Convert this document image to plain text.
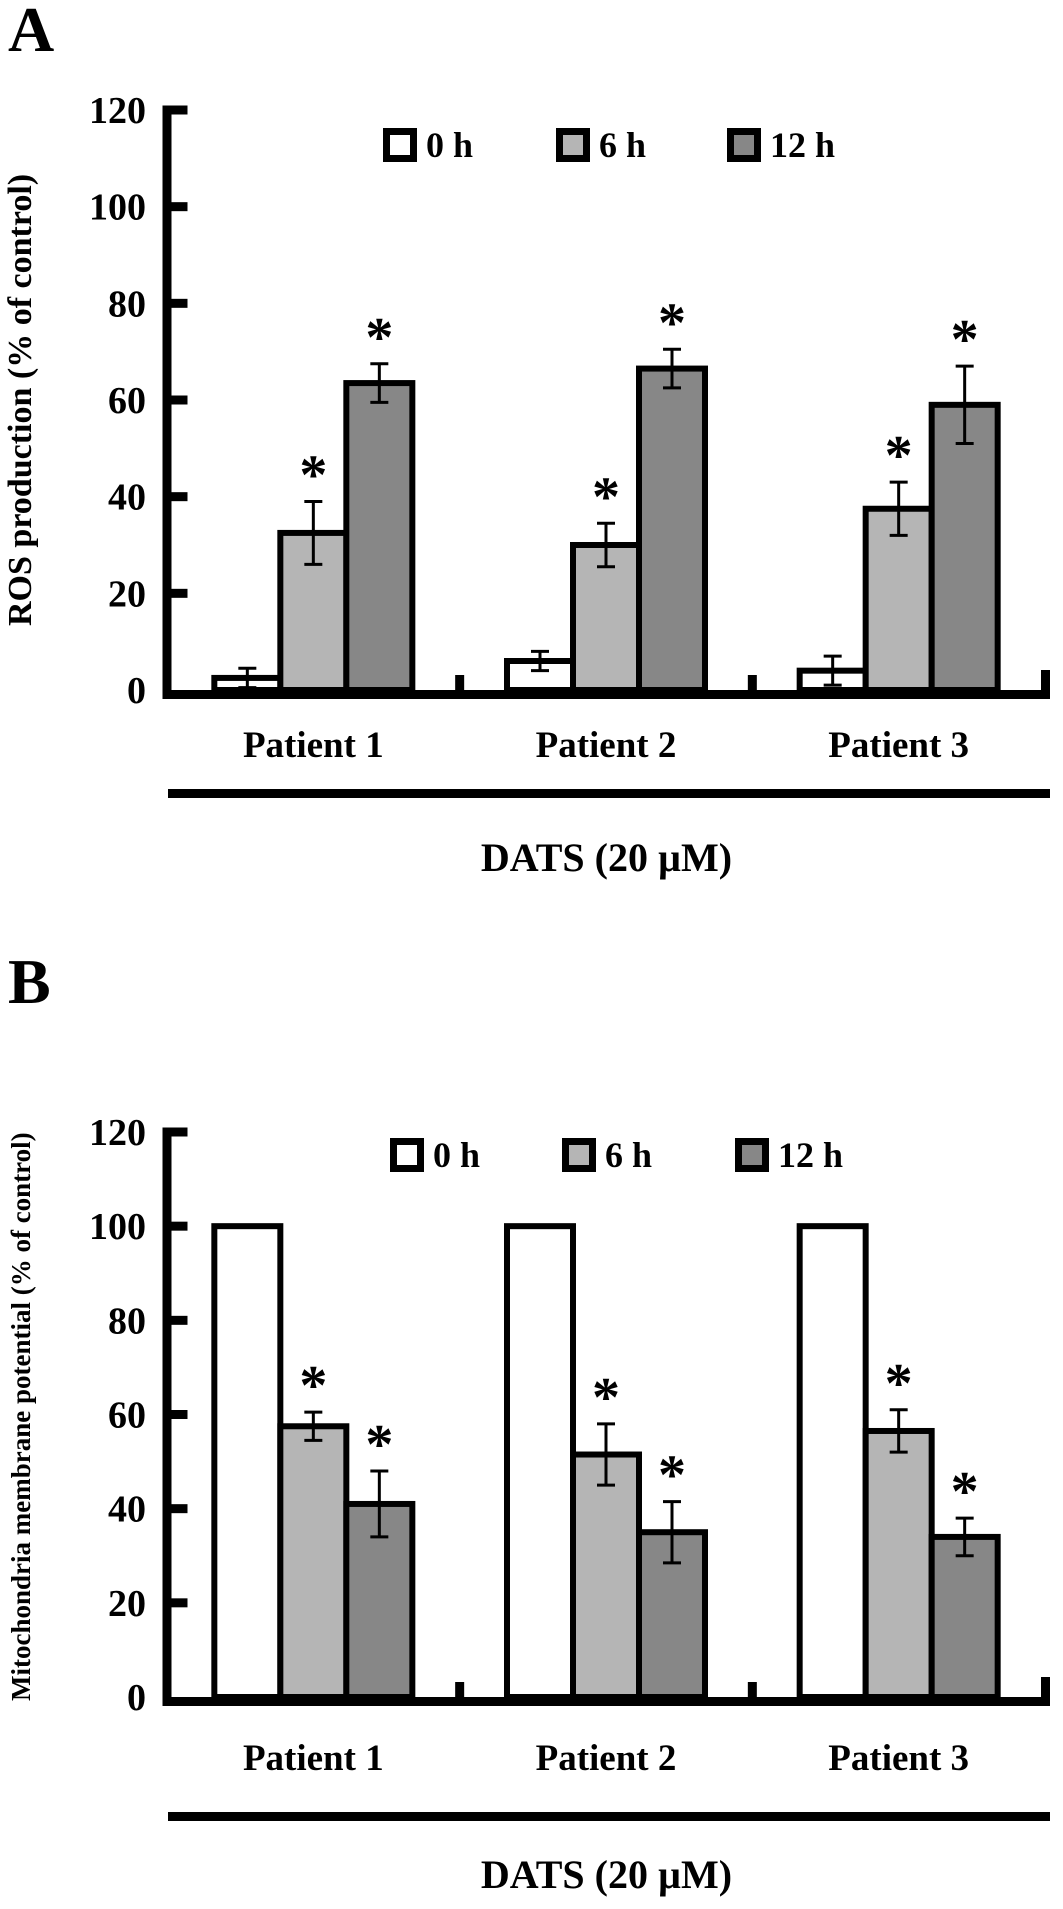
0
20
40
60
80
100
120
*
*
*
*
*
*
Patient 1	Patient 2	Patient 3
0
20
40
60
80
100
120
*
*
*
*
*
*
Patient 1	Patient 2	Patient 3
A
ROS production (% of control)
0 h	6 h	12 h
DATS (20 µM)
B
Mitochondria membrane potential (% of control)	0 h	6 h	12 h
DATS (20 µM)
